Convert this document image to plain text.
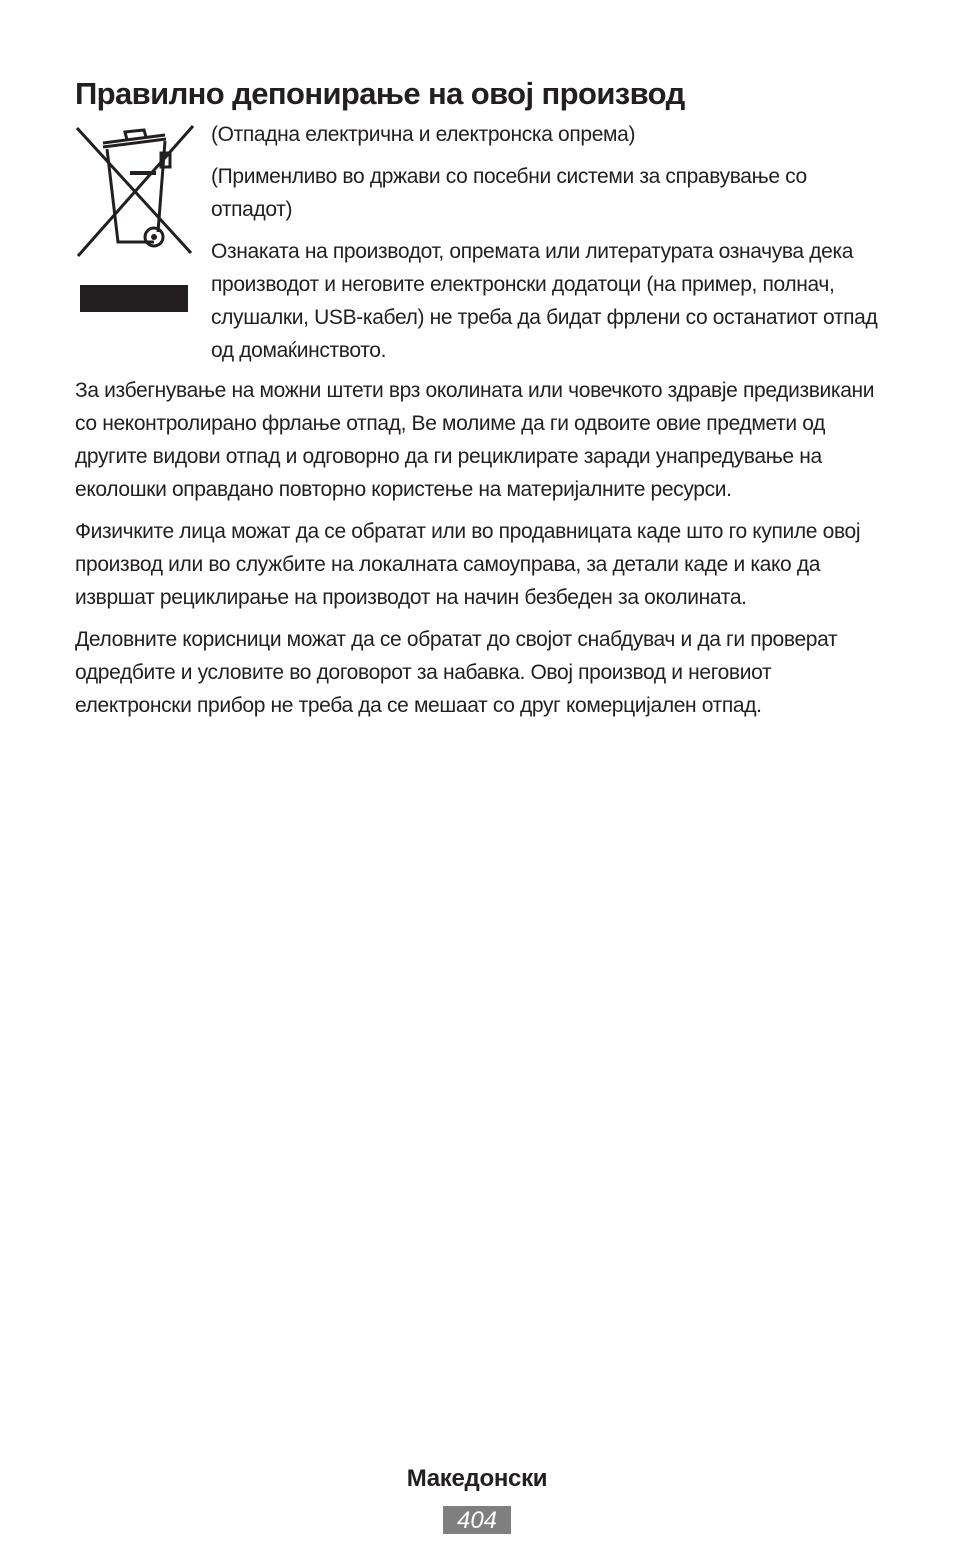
Правилно депонирање на овој производ

(Отпадна електрична и електронска опрема)

(Применливо во држави со посебни системи за справување со отпадот)

Ознаката на производот, опремата или литературата означува дека производот и неговите електронски додатоци (на пример, полнач, слушалки, USB-кабел) не треба да бидат фрлени со останатиот отпад од домаќинството.

За избегнување на можни штети врз околината или човечкото здравје предизвикани со неконтролирано фрлање отпад, Ве молиме да ги одвоите овие предмети од другите видови отпад и одговорно да ги рециклирате заради унапредување на еколошки оправдано повторно користење на материјалните ресурси.

Физичките лица можат да се обратат или во продавницата каде што го купиле овој производ или во службите на локалната самоуправа, за детали каде и како да извршат рециклирање на производот на начин безбеден за околината.

Деловните корисници можат да се обратат до својот снабдувач и да ги проверат одредбите и условите во договорот за набавка. Овој производ и неговиот електронски прибор не треба да се мешаат со друг комерцијален отпад.

Македонски
404
